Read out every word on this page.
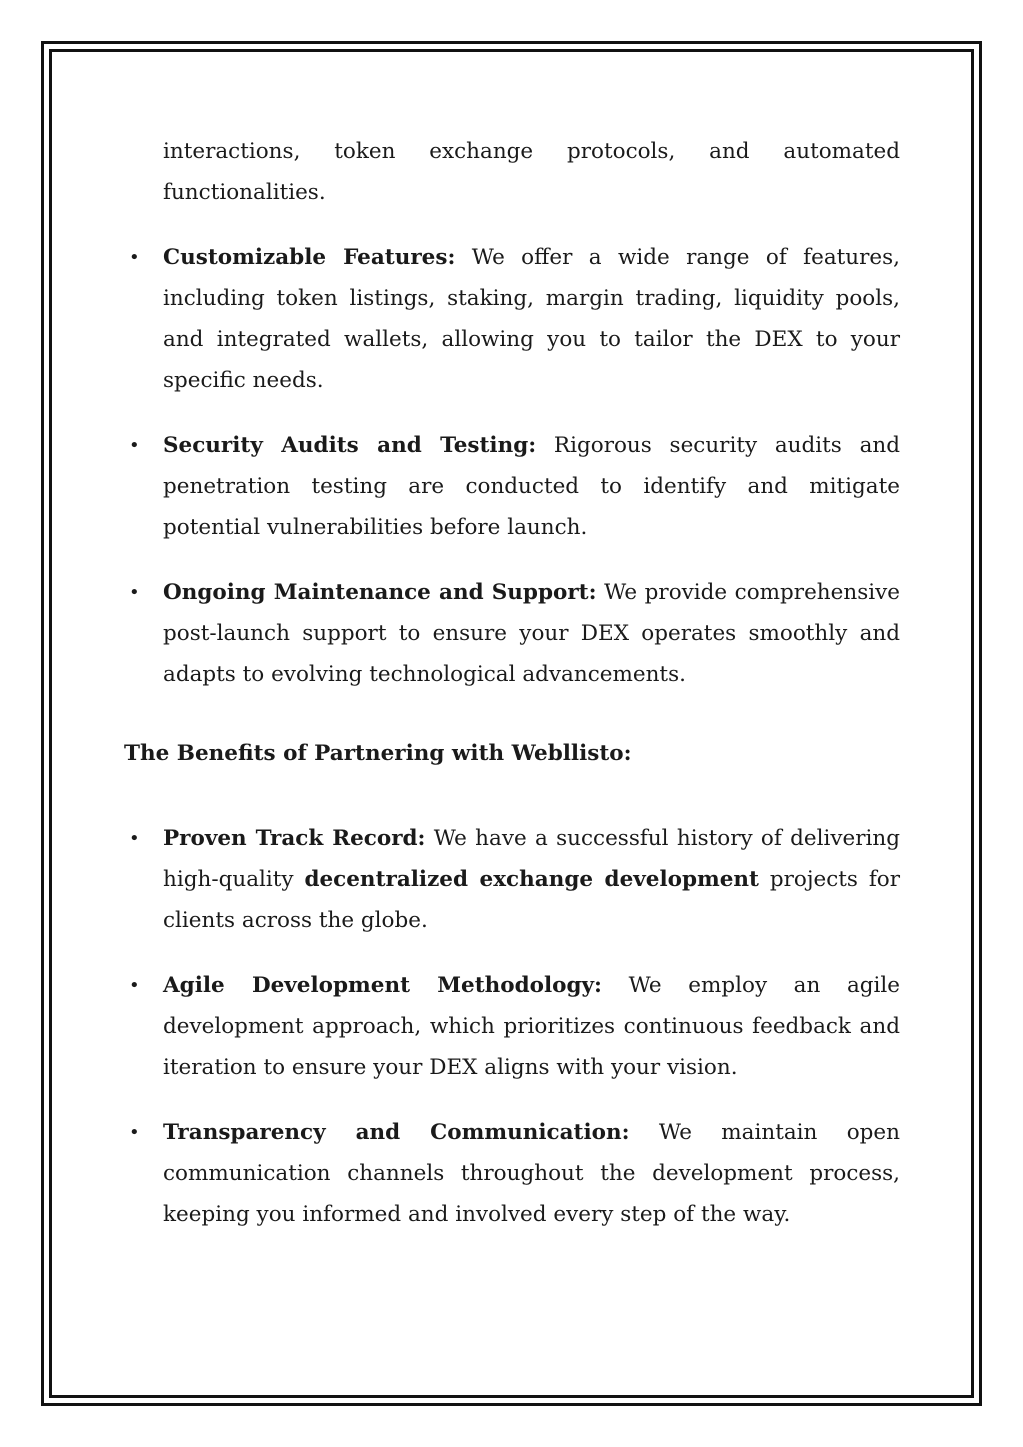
interactions, token exchange protocols, and automated functionalities.

• Customizable Features: We offer a wide range of features, including token listings, staking, margin trading, liquidity pools, and integrated wallets, allowing you to tailor the DEX to your specific needs.
• Security Audits and Testing: Rigorous security audits and penetration testing are conducted to identify and mitigate potential vulnerabilities before launch.
• Ongoing Maintenance and Support: We provide comprehensive post-launch support to ensure your DEX operates smoothly and adapts to evolving technological advancements.
The Benefits of Partnering with Webllisto:
• Proven Track Record: We have a successful history of delivering high-quality decentralized exchange development projects for clients across the globe.
• Agile Development Methodology: We employ an agile development approach, which prioritizes continuous feedback and iteration to ensure your DEX aligns with your vision.
• Transparency and Communication: We maintain open communication channels throughout the development process, keeping you informed and involved every step of the way.
